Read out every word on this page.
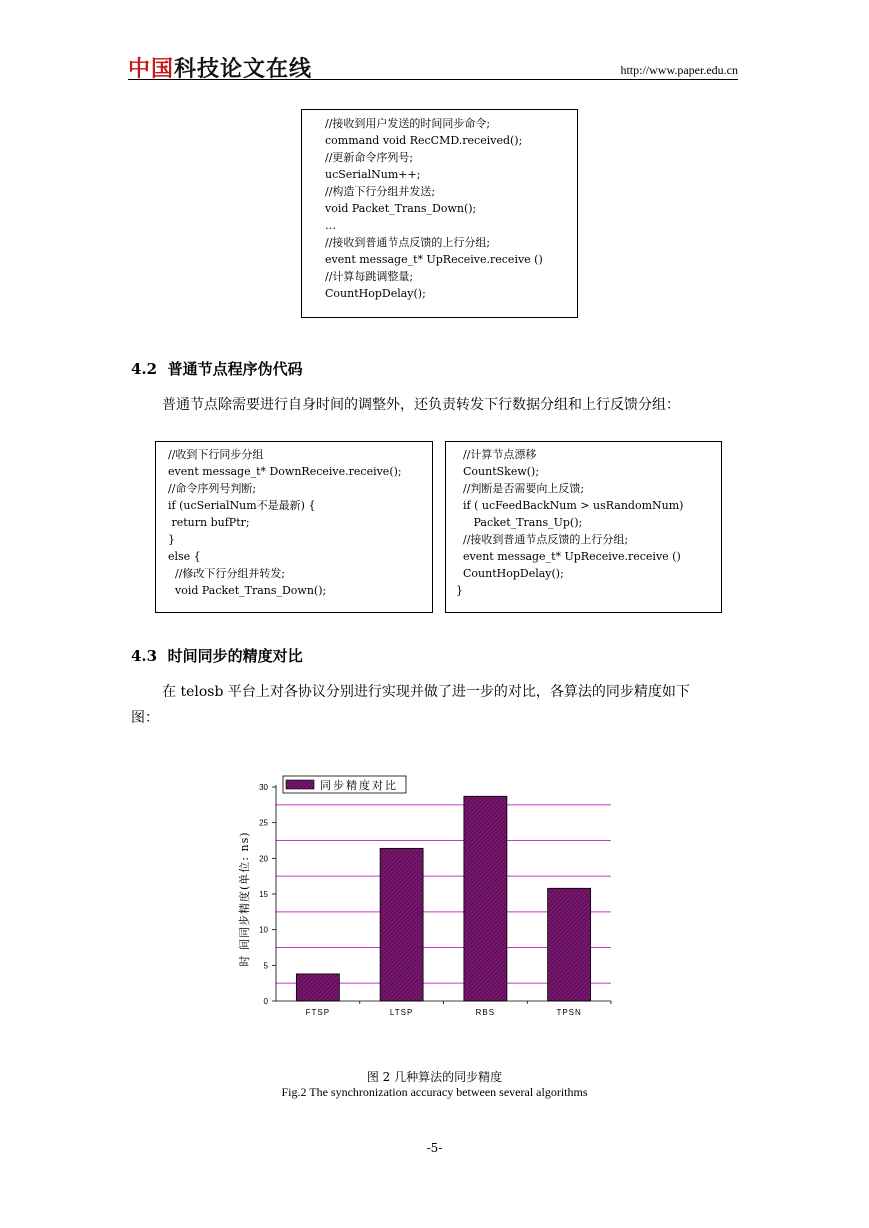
中国科技论文在线	http://www.paper.edu.cn
//接收到用户发送的时间同步命令;
command void RecCMD.received();
//更新命令序列号;
ucSerialNum++;
//构造下行分组并发送;
void Packet_Trans_Down();
…
//接收到普通节点反馈的上行分组;
event message_t* UpReceive.receive ()
//计算每跳调整量;
CountHopDelay();
4.2 普通节点程序伪代码
普通节点除需要进行自身时间的调整外，还负责转发下行数据分组和上行反馈分组：
//收到下行同步分组
event message_t* DownReceive.receive();
//命令序列号判断;
if (ucSerialNum不是最新) {
return bufPtr;
}
else {
//修改下行分组并转发;
void Packet_Trans_Down();
//计算节点漂移
CountSkew();
//判断是否需要向上反馈;
if ( ucFeedBackNum > usRandomNum)
Packet_Trans_Up();
//接收到普通节点反馈的上行分组;
event message_t* UpReceive.receive ()
CountHopDelay();
}
4.3 时间同步的精度对比
在 telosb 平台上对各协议分别进行实现并做了进一步的对比，各算法的同步精度如下
图：
FTSP	LTSP	RBS	TPSN
0
5
10
15
20
25
30
时 间同步精度(单位: ns)
同步精度对比
图 2 几种算法的同步精度
Fig.2 The synchronization accuracy between several algorithms
-5-
